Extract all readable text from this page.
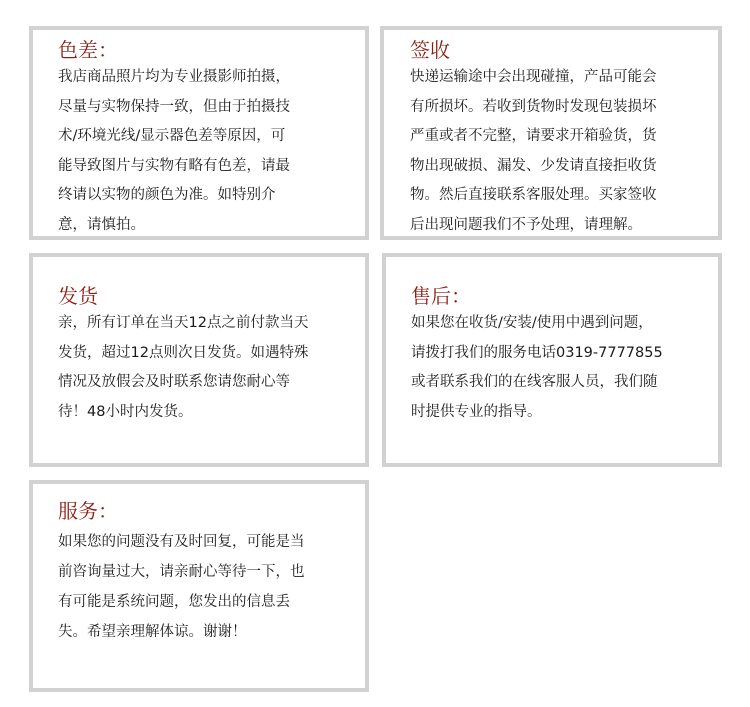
色差：

我店商品照片均为专业摄影师拍摄，
尽量与实物保持一致，但由于拍摄技
术/环境光线/显示器色差等原因，可
能导致图片与实物有略有色差，请最
终请以实物的颜色为准。如特别介
意，请慎拍。

签收

快递运输途中会出现碰撞，产品可能会
有所损坏。若收到货物时发现包装损坏
严重或者不完整，请要求开箱验货，货
物出现破损、漏发、少发请直接拒收货
物。然后直接联系客服处理。买家签收
后出现问题我们不予处理，请理解。

发货

亲，所有订单在当天12点之前付款当天
发货，超过12点则次日发货。如遇特殊
情况及放假会及时联系您请您耐心等
待！48小时内发货。

售后：

如果您在收货/安装/使用中遇到问题，
请拨打我们的服务电话0319-7777855
或者联系我们的在线客服人员，我们随
时提供专业的指导。

服务：

如果您的问题没有及时回复，可能是当
前咨询量过大，请亲耐心等待一下，也
有可能是系统问题，您发出的信息丢
失。希望亲理解体谅。谢谢！
